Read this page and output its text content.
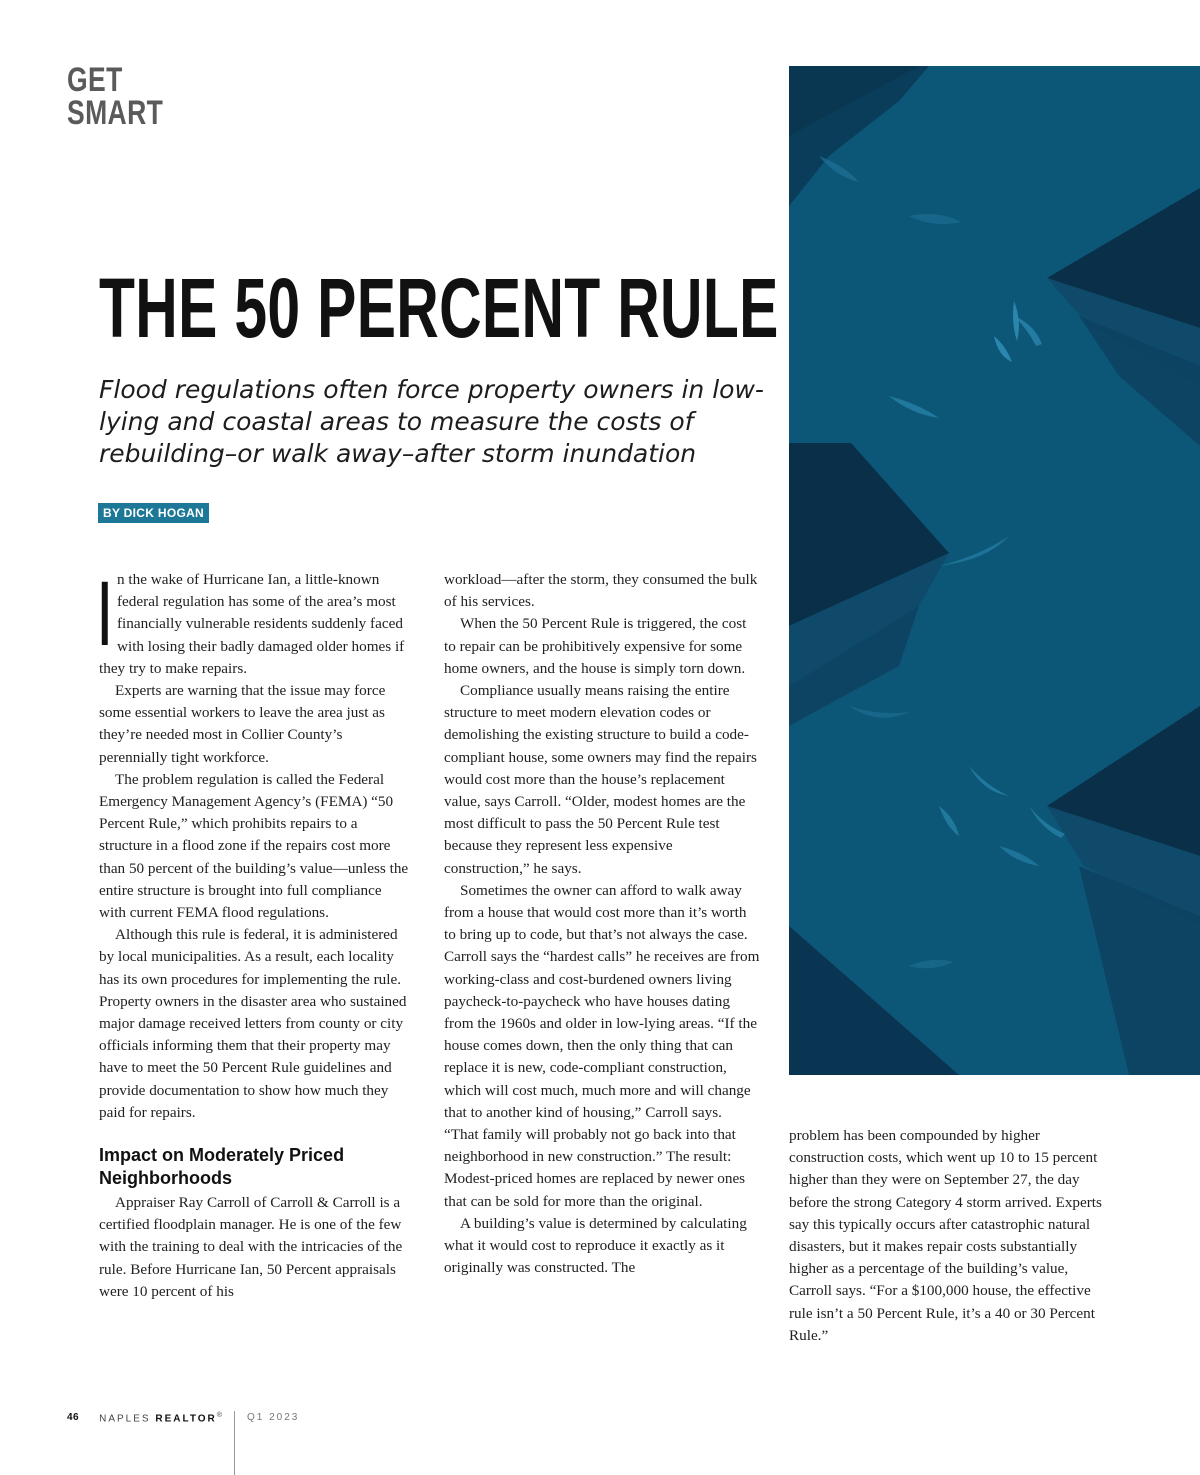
GET
SMART
THE 50 PERCENT RULE

Flood regulations often force property owners in low-lying and coastal areas to measure the costs of rebuilding–or walk away–after storm inundation

BY DICK HOGAN

In the wake of Hurricane Ian, a little-known federal regulation has some of the area’s most financially vulnerable residents suddenly faced with losing their badly damaged older homes if they try to make repairs.

Experts are warning that the issue may force some essential workers to leave the area just as they’re needed most in Collier County’s perennially tight workforce.

The problem regulation is called the Federal Emergency Management Agency’s (FEMA) “50 Percent Rule,” which prohibits repairs to a structure in a flood zone if the repairs cost more than 50 percent of the building’s value—unless the entire structure is brought into full compliance with current FEMA flood regulations.

Although this rule is federal, it is administered by local municipalities. As a result, each locality has its own procedures for implementing the rule. Property owners in the disaster area who sustained major damage received letters from county or city officials informing them that their property may have to meet the 50 Percent Rule guidelines and provide documentation to show how much they paid for repairs.

Impact on Moderately Priced Neighborhoods

Appraiser Ray Carroll of Carroll & Carroll is a certified floodplain manager. He is one of the few with the training to deal with the intricacies of the rule. Before Hurricane Ian, 50 Percent appraisals were 10 percent of his

workload—after the storm, they consumed the bulk of his services.

When the 50 Percent Rule is triggered, the cost to repair can be prohibitively expensive for some home owners, and the house is simply torn down.

Compliance usually means raising the entire structure to meet modern elevation codes or demolishing the existing structure to build a code-compliant house, some owners may find the repairs would cost more than the house’s replacement value, says Carroll. “Older, modest homes are the most difficult to pass the 50 Percent Rule test because they represent less expensive construction,” he says.

Sometimes the owner can afford to walk away from a house that would cost more than it’s worth to bring up to code, but that’s not always the case. Carroll says the “hardest calls” he receives are from working-class and cost-burdened owners living paycheck-to-paycheck who have houses dating from the 1960s and older in low-lying areas. “If the house comes down, then the only thing that can replace it is new, code-compliant construction, which will cost much, much more and will change that to another kind of housing,” Carroll says. “That family will probably not go back into that neighborhood in new construction.” The result: Modest-priced homes are replaced by newer ones that can be sold for more than the original.

A building’s value is determined by calculating what it would cost to reproduce it exactly as it originally was constructed. The

problem has been compounded by higher construction costs, which went up 10 to 15 percent higher than they were on September 27, the day before the strong Category 4 storm arrived. Experts say this typically occurs after catastrophic natural disasters, but it makes repair costs substantially higher as a percentage of the building’s value, Carroll says. “For a $100,000 house, the effective rule isn’t a 50 Percent Rule, it’s a 40 or 30 Percent Rule.”

46 NAPLES REALTOR®	Q1 2023
